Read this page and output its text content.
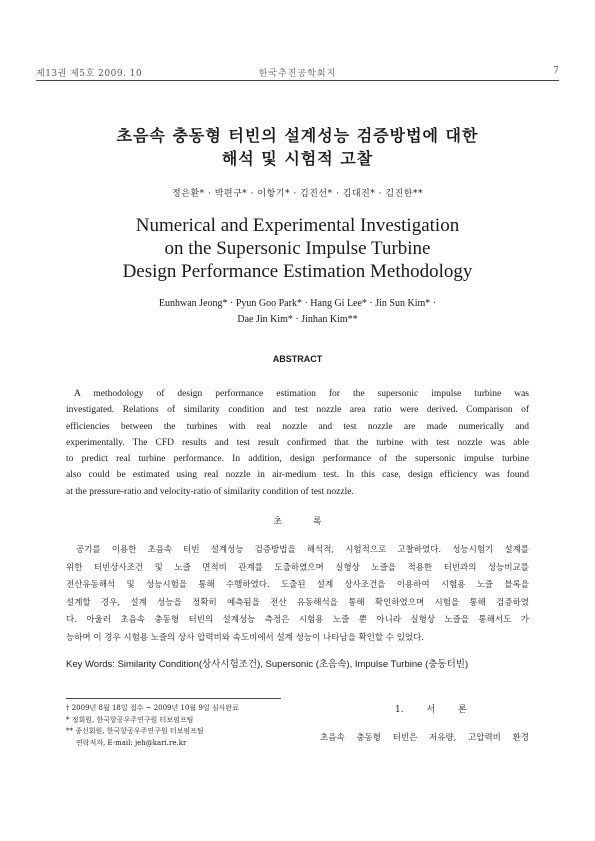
제13권 제5호 2009. 10	한국추진공학회지	7
초음속 충동형 터빈의 설계성능 검증방법에 대한
해석 및 시험적 고찰
정은환* · 박편구* · 이항기* · 김진선* · 김대진* · 김진한**
Numerical and Experimental Investigation
on the Supersonic Impulse Turbine
Design Performance Estimation Methodology
Eunhwan Jeong* · Pyun Goo Park* · Hang Gi Lee* · Jin Sun Kim* ·
Dae Jin Kim* · Jinhan Kim**
ABSTRACT
A methodology of design performance estimation for the supersonic impulse turbine was
investigated. Relations of similarity condition and test nozzle area ratio were derived. Comparison of
efficiencies between the turbines with real nozzle and test nozzle are made numerically and
experimentally. The CFD results and test result confirmed that the turbine with test nozzle was able
to predict real turbine performance. In addition, design performance of the supersonic impulse turbine
also could be estimated using real nozzle in air-medium test. In this case, design efficiency was found
at the pressure-ratio and velocity-ratio of similarity condition of test nozzle.
초 록
공기를 이용한 초음속 터빈 설계성능 검증방법을 해석적, 시험적으로 고찰하였다. 성능시험기 설계를
위한 터빈상사조건 및 노즐 면적비 관계를 도출하였으며 실형상 노즐을 적용한 터빈과의 성능비교를
전산유동해석 및 성능시험을 통해 수행하였다. 도출된 설계 상사조건을 이용하여 시험용 노즐 블록을
설계할 경우, 설계 성능을 정확히 예측됨을 전산 유동해석을 통해 확인하였으며 시험을 통해 검증하였
다. 아울러 초음속 충동형 터빈의 설계성능 측정은 시험용 노즐 뿐 아니라 실형상 노즐을 통해서도 가
능하며 이 경우 시험용 노즐의 상사 압력비와 속도비에서 설계 성능이 나타남을 확인할 수 있었다.
Key Words: Similarity Condition(상사시험조건), Supersonic (초음속), Impulse Turbine (충동터빈)
† 2009년 8월 18일 접수 ~ 2009년 10월 9일 심사완료
* 정회원, 한국항공우주연구원 터보펌프팀
** 종신회원, 한국항공우주연구원 터보펌프팀
연락저자, E-mail: jeh@kari.re.kr
1. 서 론
초음속 충동형 터빈은 저유량, 고압력비 환경
